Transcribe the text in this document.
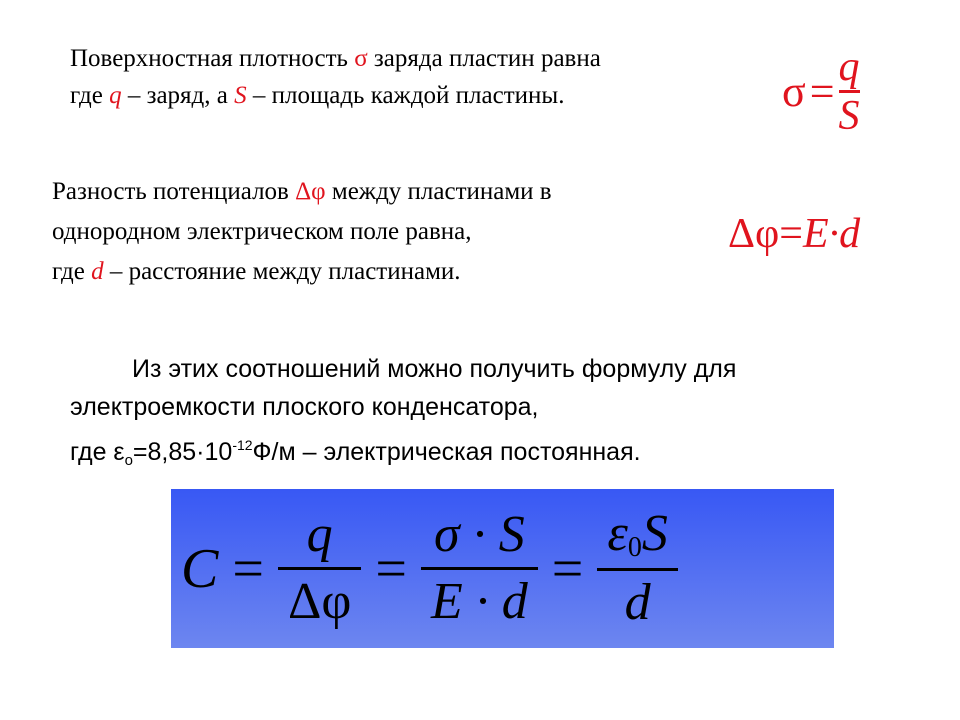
Поверхностная плотность σ заряда пластин равна
где q – заряд, а S – площадь каждой пластины.	$\sigma = \frac{q}{S}$
Разность потенциалов Δφ между пластинами в
однородном электрическом поле равна,
где d – расстояние между пластинами.
Δφ=E·d
Из этих соотношений можно получить формулу для
электроемкости плоского конденсатора,
где $\varepsilon_о=8,85\cdot 10^{-12}Ф/м$ – электрическая постоянная.
$C = \frac{q}{\Delta\varphi} = \frac{\sigma \cdot S}{E \cdot d} = \frac{\varepsilon_0S}{d}$
